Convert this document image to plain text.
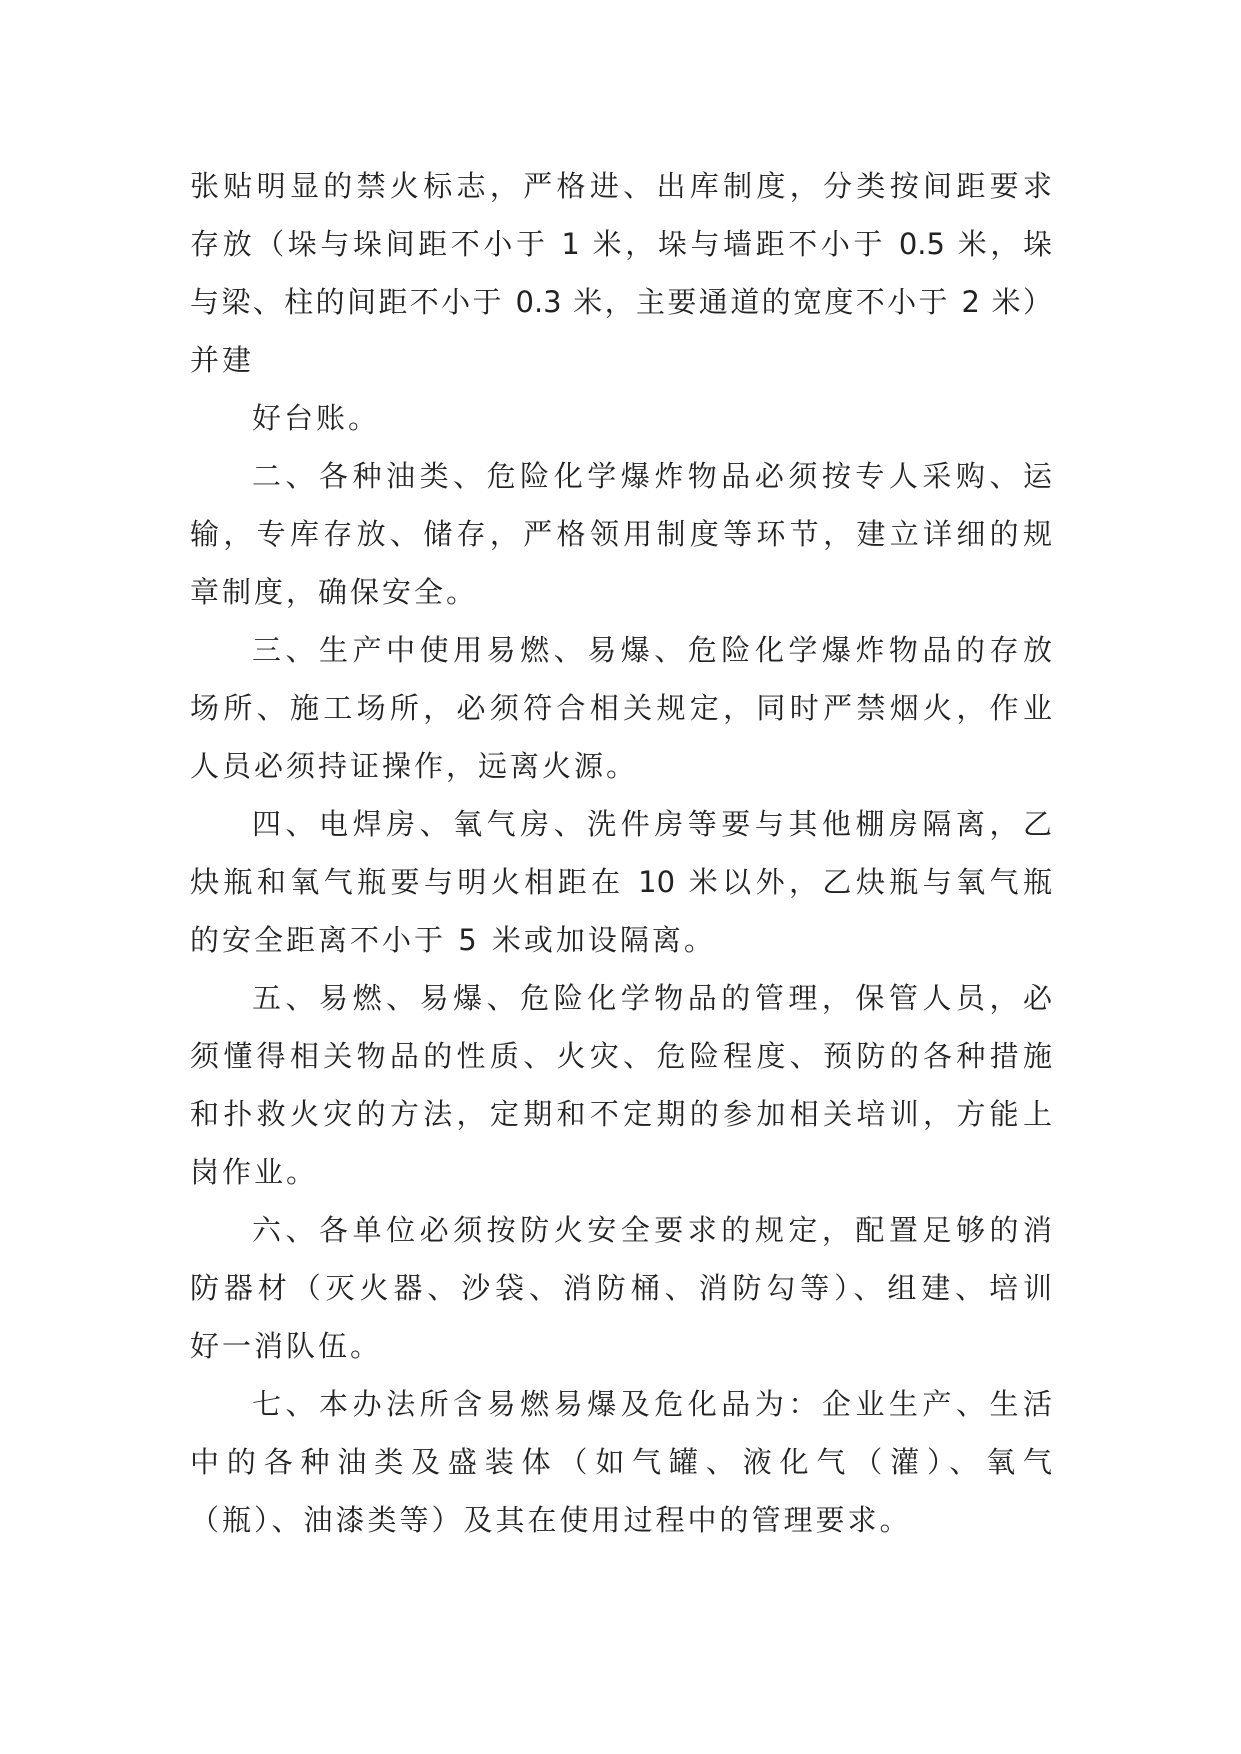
张贴明显的禁火标志，严格进、出库制度，分类按间距要求
存放（垛与垛间距不小于 1 米，垛与墙距不小于 0.5 米，垛
与梁、柱的间距不小于 0.3 米，主要通道的宽度不小于 2 米）
并建
好台账。
二、各种油类、危险化学爆炸物品必须按专人采购、运
输，专库存放、储存，严格领用制度等环节，建立详细的规
章制度，确保安全。
三、生产中使用易燃、易爆、危险化学爆炸物品的存放
场所、施工场所，必须符合相关规定，同时严禁烟火，作业
人员必须持证操作，远离火源。
四、电焊房、氧气房、洗件房等要与其他棚房隔离，乙
炔瓶和氧气瓶要与明火相距在 10 米以外，乙炔瓶与氧气瓶
的安全距离不小于 5 米或加设隔离。
五、易燃、易爆、危险化学物品的管理，保管人员，必
须懂得相关物品的性质、火灾、危险程度、预防的各种措施
和扑救火灾的方法，定期和不定期的参加相关培训，方能上
岗作业。
六、各单位必须按防火安全要求的规定，配置足够的消
防器材（灭火器、沙袋、消防桶、消防勾等）、组建、培训
好一消队伍。
七、本办法所含易燃易爆及危化品为：企业生产、生活
中的各种油类及盛装体（如气罐、液化气（灌）、氧气
（瓶）、油漆类等）及其在使用过程中的管理要求。
